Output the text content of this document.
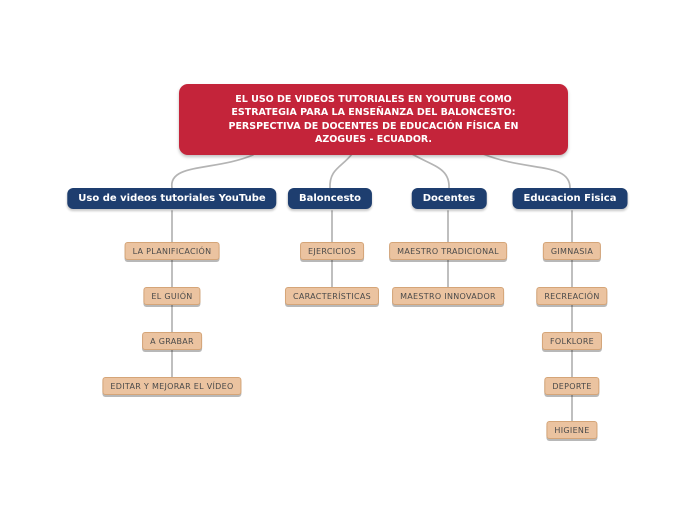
EL USO DE VIDEOS TUTORIALES EN YOUTUBE COMO ESTRATEGIA PARA LA ENSEÑANZA DEL BALONCESTO: PERSPECTIVA DE DOCENTES DE EDUCACIÓN FÍSICA EN AZOGUES - ECUADOR.
Uso de videos tutoriales YouTube	Baloncesto	Docentes	Educacion Fisica
LA PLANIFICACIÓN
EL GUIÓN
A GRABAR
EDITAR Y MEJORAR EL VÍDEO
EJERCICIOS
CARACTERÍSTICAS
MAESTRO TRADICIONAL
MAESTRO INNOVADOR
GIMNASIA
RECREACIÓN
FOLKLORE
DEPORTE
HIGIENE
